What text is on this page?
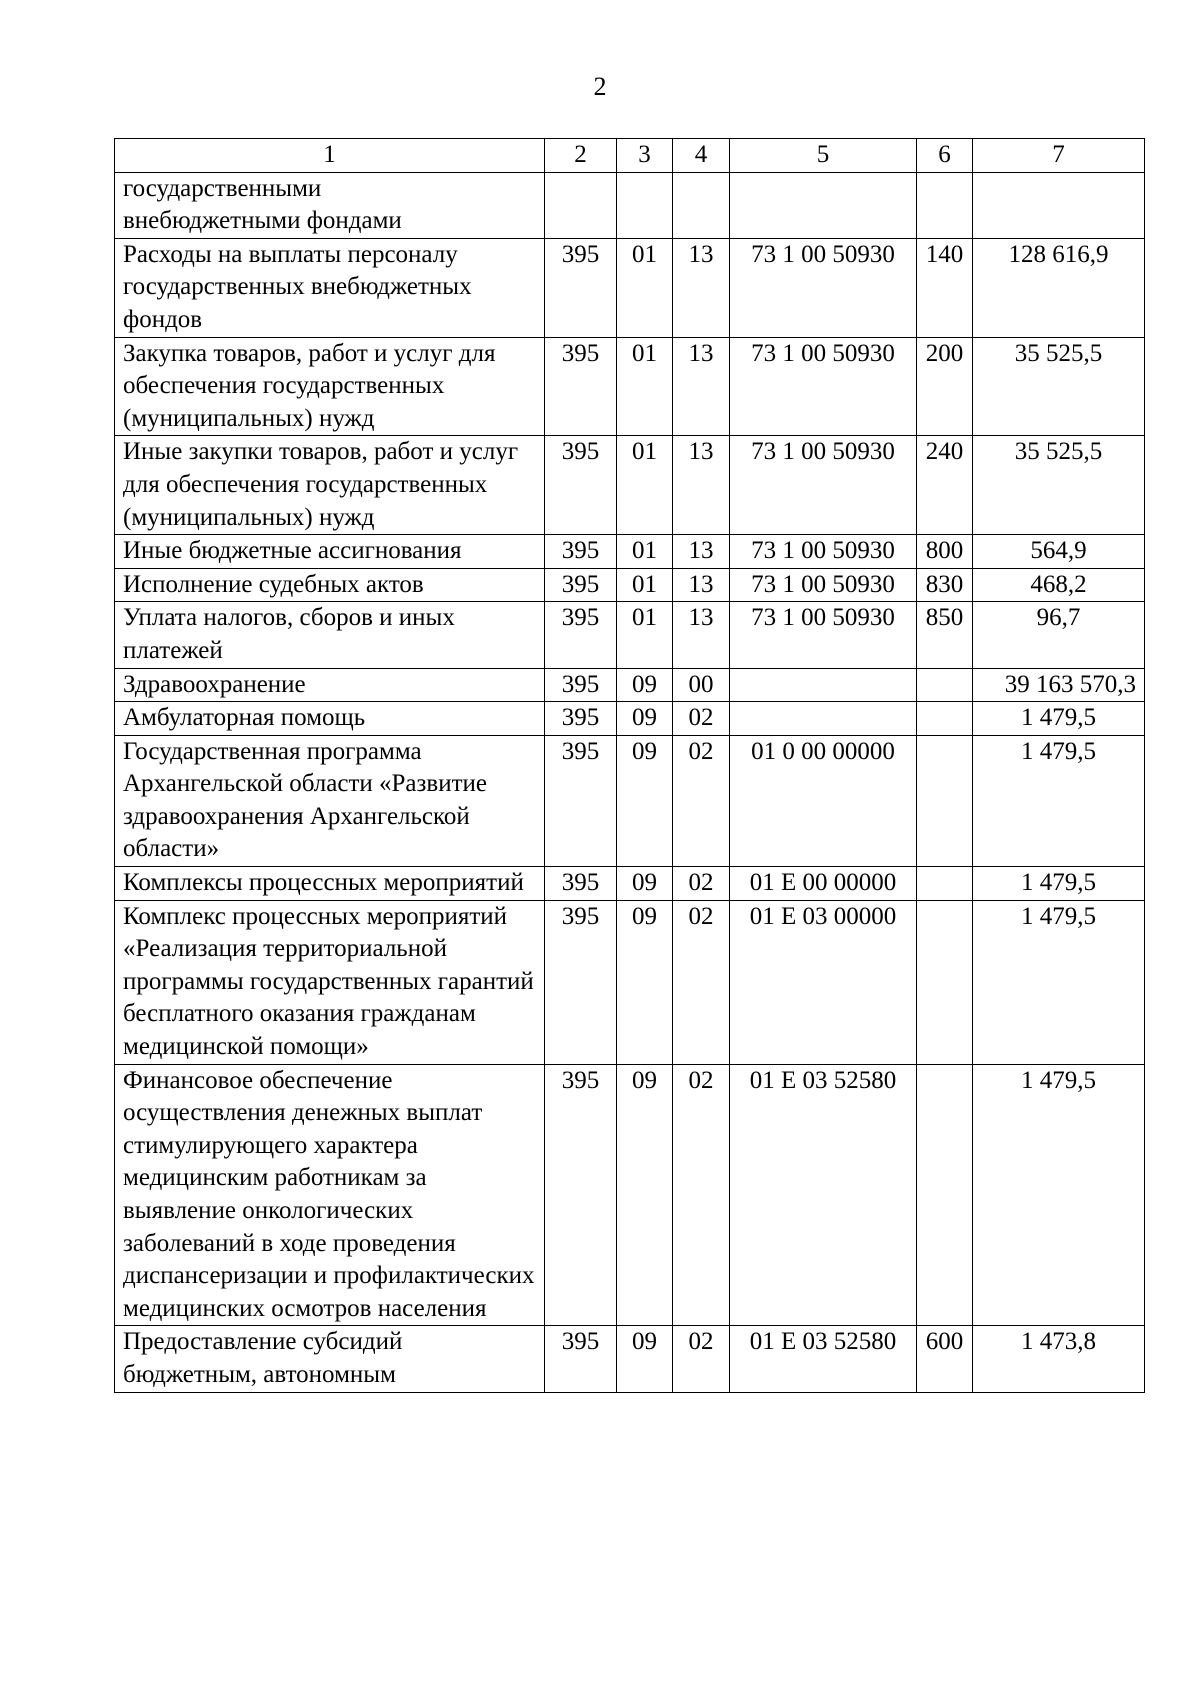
2
1	2	3	4	5	6	7
государственными
внебюджетными фондами						
Расходы на выплаты персоналу государственных внебюджетных фондов	395	01	13	73 1 00 50930	140	128 616,9
Закупка товаров, работ и услуг для обеспечения государственных (муниципальных) нужд	395	01	13	73 1 00 50930	200	35 525,5
Иные закупки товаров, работ и услуг для обеспечения государственных (муниципальных) нужд	395	01	13	73 1 00 50930	240	35 525,5
Иные бюджетные ассигнования	395	01	13	73 1 00 50930	800	564,9
Исполнение судебных актов	395	01	13	73 1 00 50930	830	468,2
Уплата налогов, сборов и иных платежей	395	01	13	73 1 00 50930	850	96,7
Здравоохранение	395	09	00			39 163 570,3
Амбулаторная помощь	395	09	02			1 479,5
Государственная программа Архангельской области «Развитие здравоохранения Архангельской области»	395	09	02	01 0 00 00000		1 479,5
Комплексы процессных мероприятий	395	09	02	01 Е 00 00000		1 479,5
Комплекс процессных мероприятий «Реализация территориальной программы государственных гарантий бесплатного оказания гражданам медицинской помощи»	395	09	02	01 Е 03 00000		1 479,5
Финансовое обеспечение осуществления денежных выплат стимулирующего характера медицинским работникам за выявление онкологических заболеваний в ходе проведения диспансеризации и профилактических медицинских осмотров населения	395	09	02	01 Е 03 52580		1 479,5
Предоставление субсидий бюджетным, автономным	395	09	02	01 Е 03 52580	600	1 473,8
